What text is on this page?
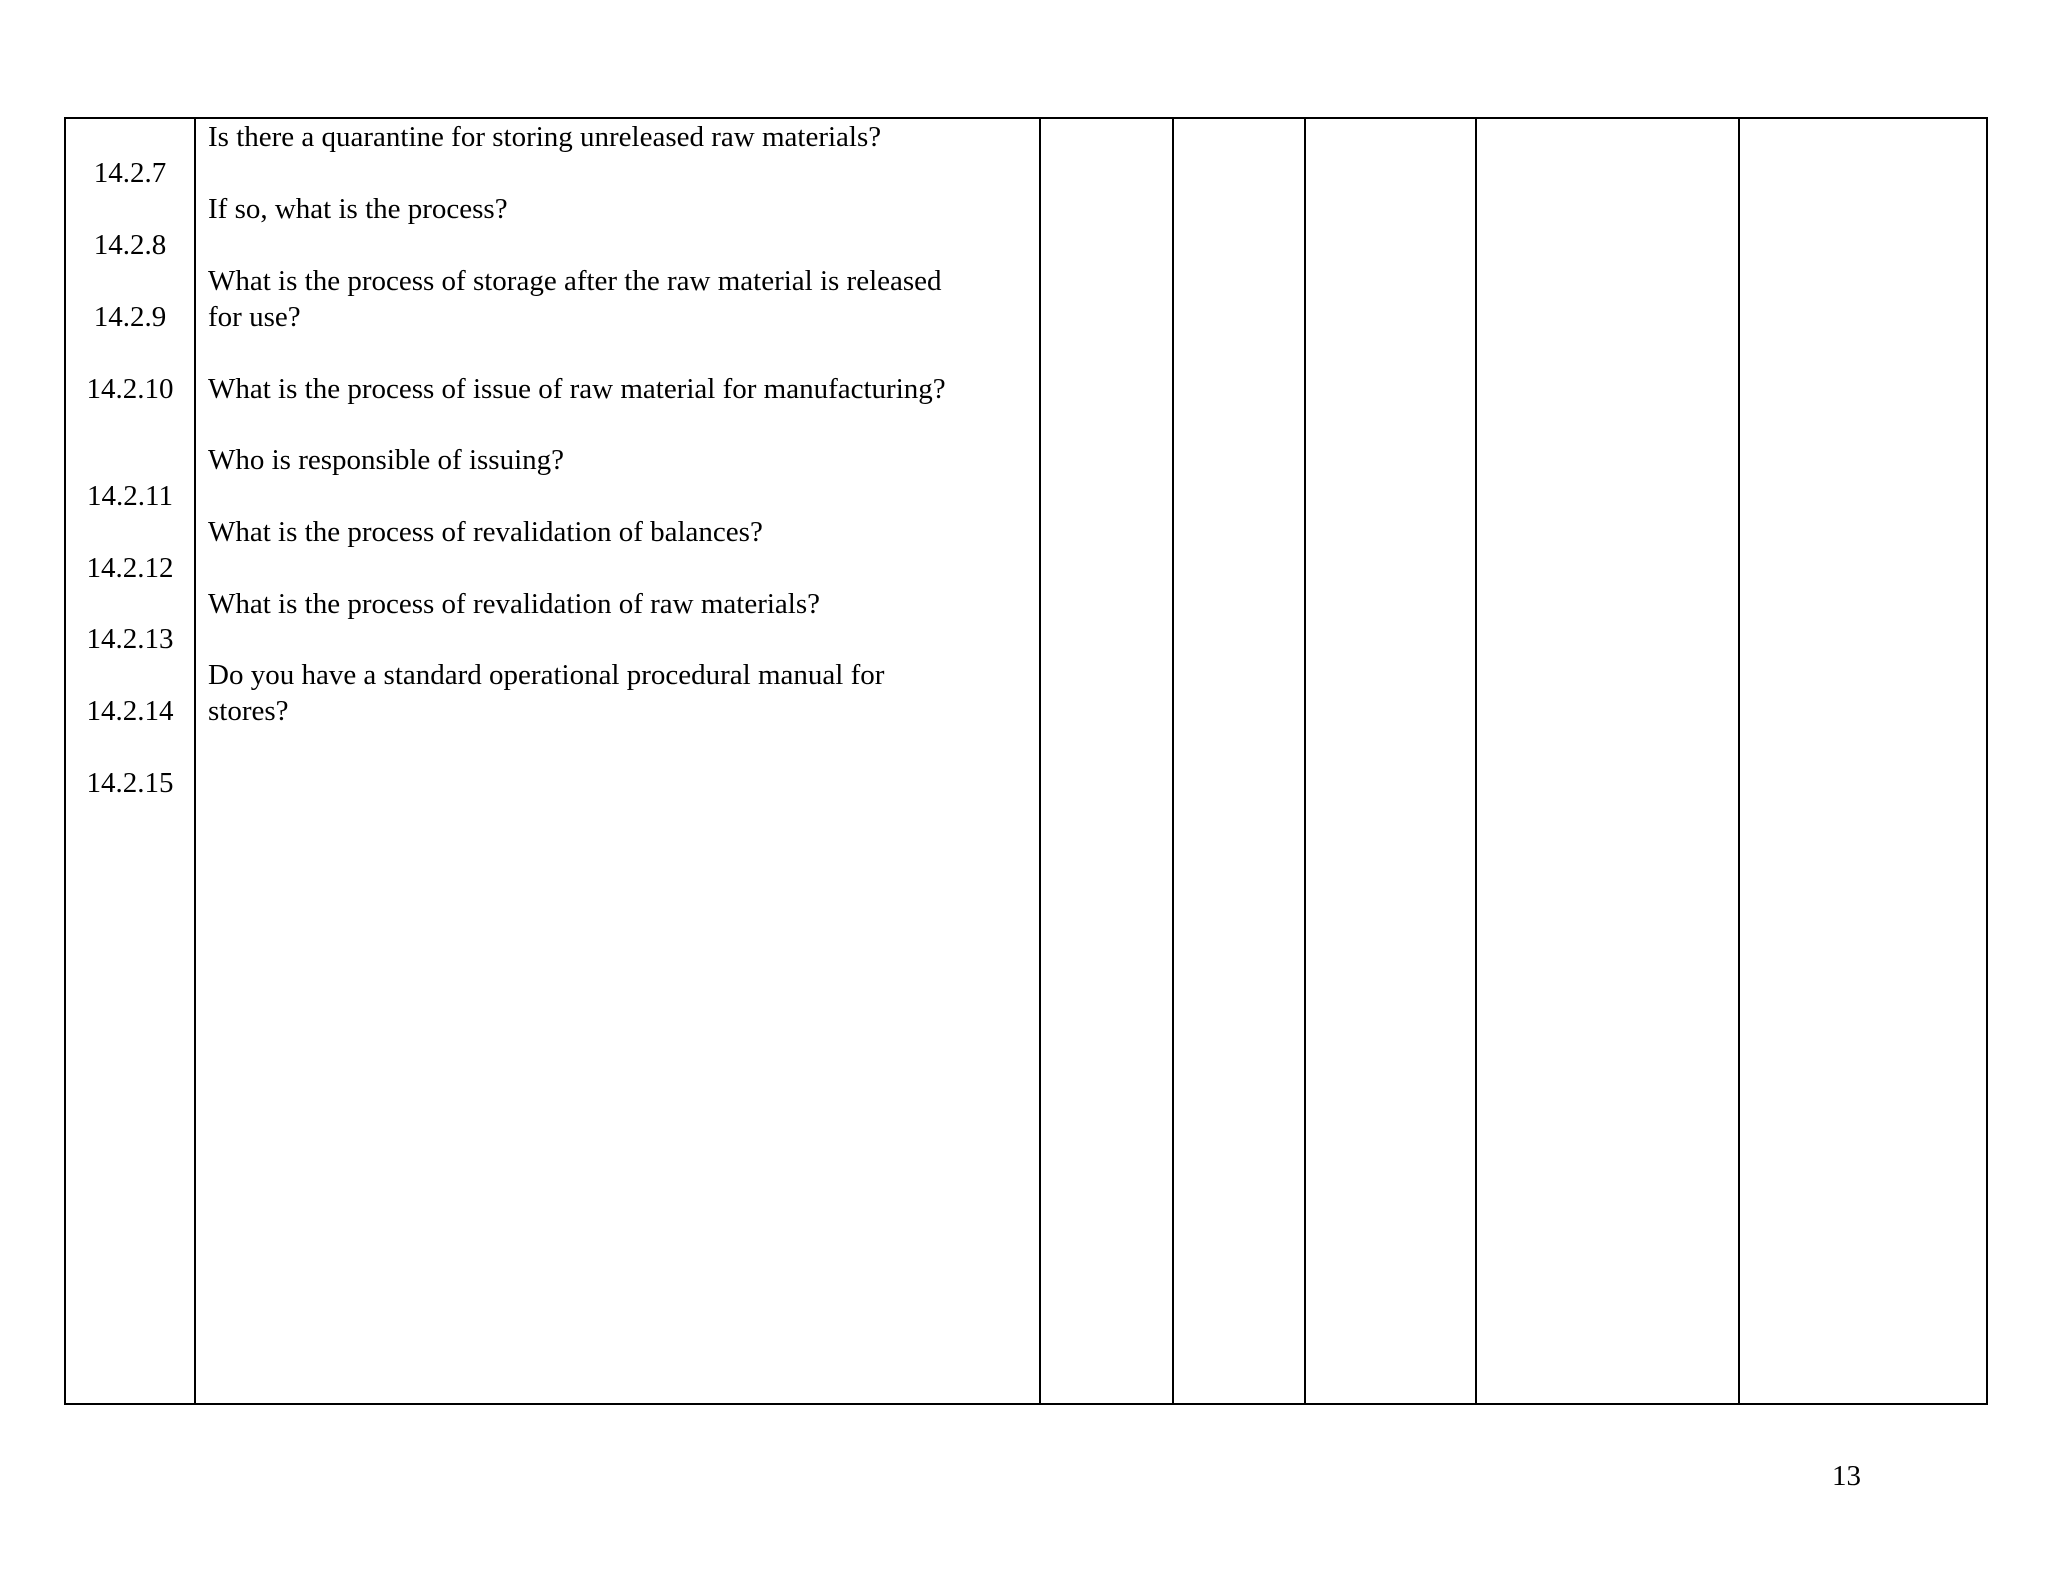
14.2.7
14.2.8
14.2.9
14.2.10
14.2.11
14.2.12
14.2.13
14.2.14
14.2.15
Is there a quarantine for storing unreleased raw materials?
If so, what is the process?
What is the process of storage after the raw material is released
for use?
What is the process of issue of raw material for manufacturing?
Who is responsible of issuing?
What is the process of revalidation of balances?
What is the process of revalidation of raw materials?
Do you have a standard operational procedural manual for
stores?
13
